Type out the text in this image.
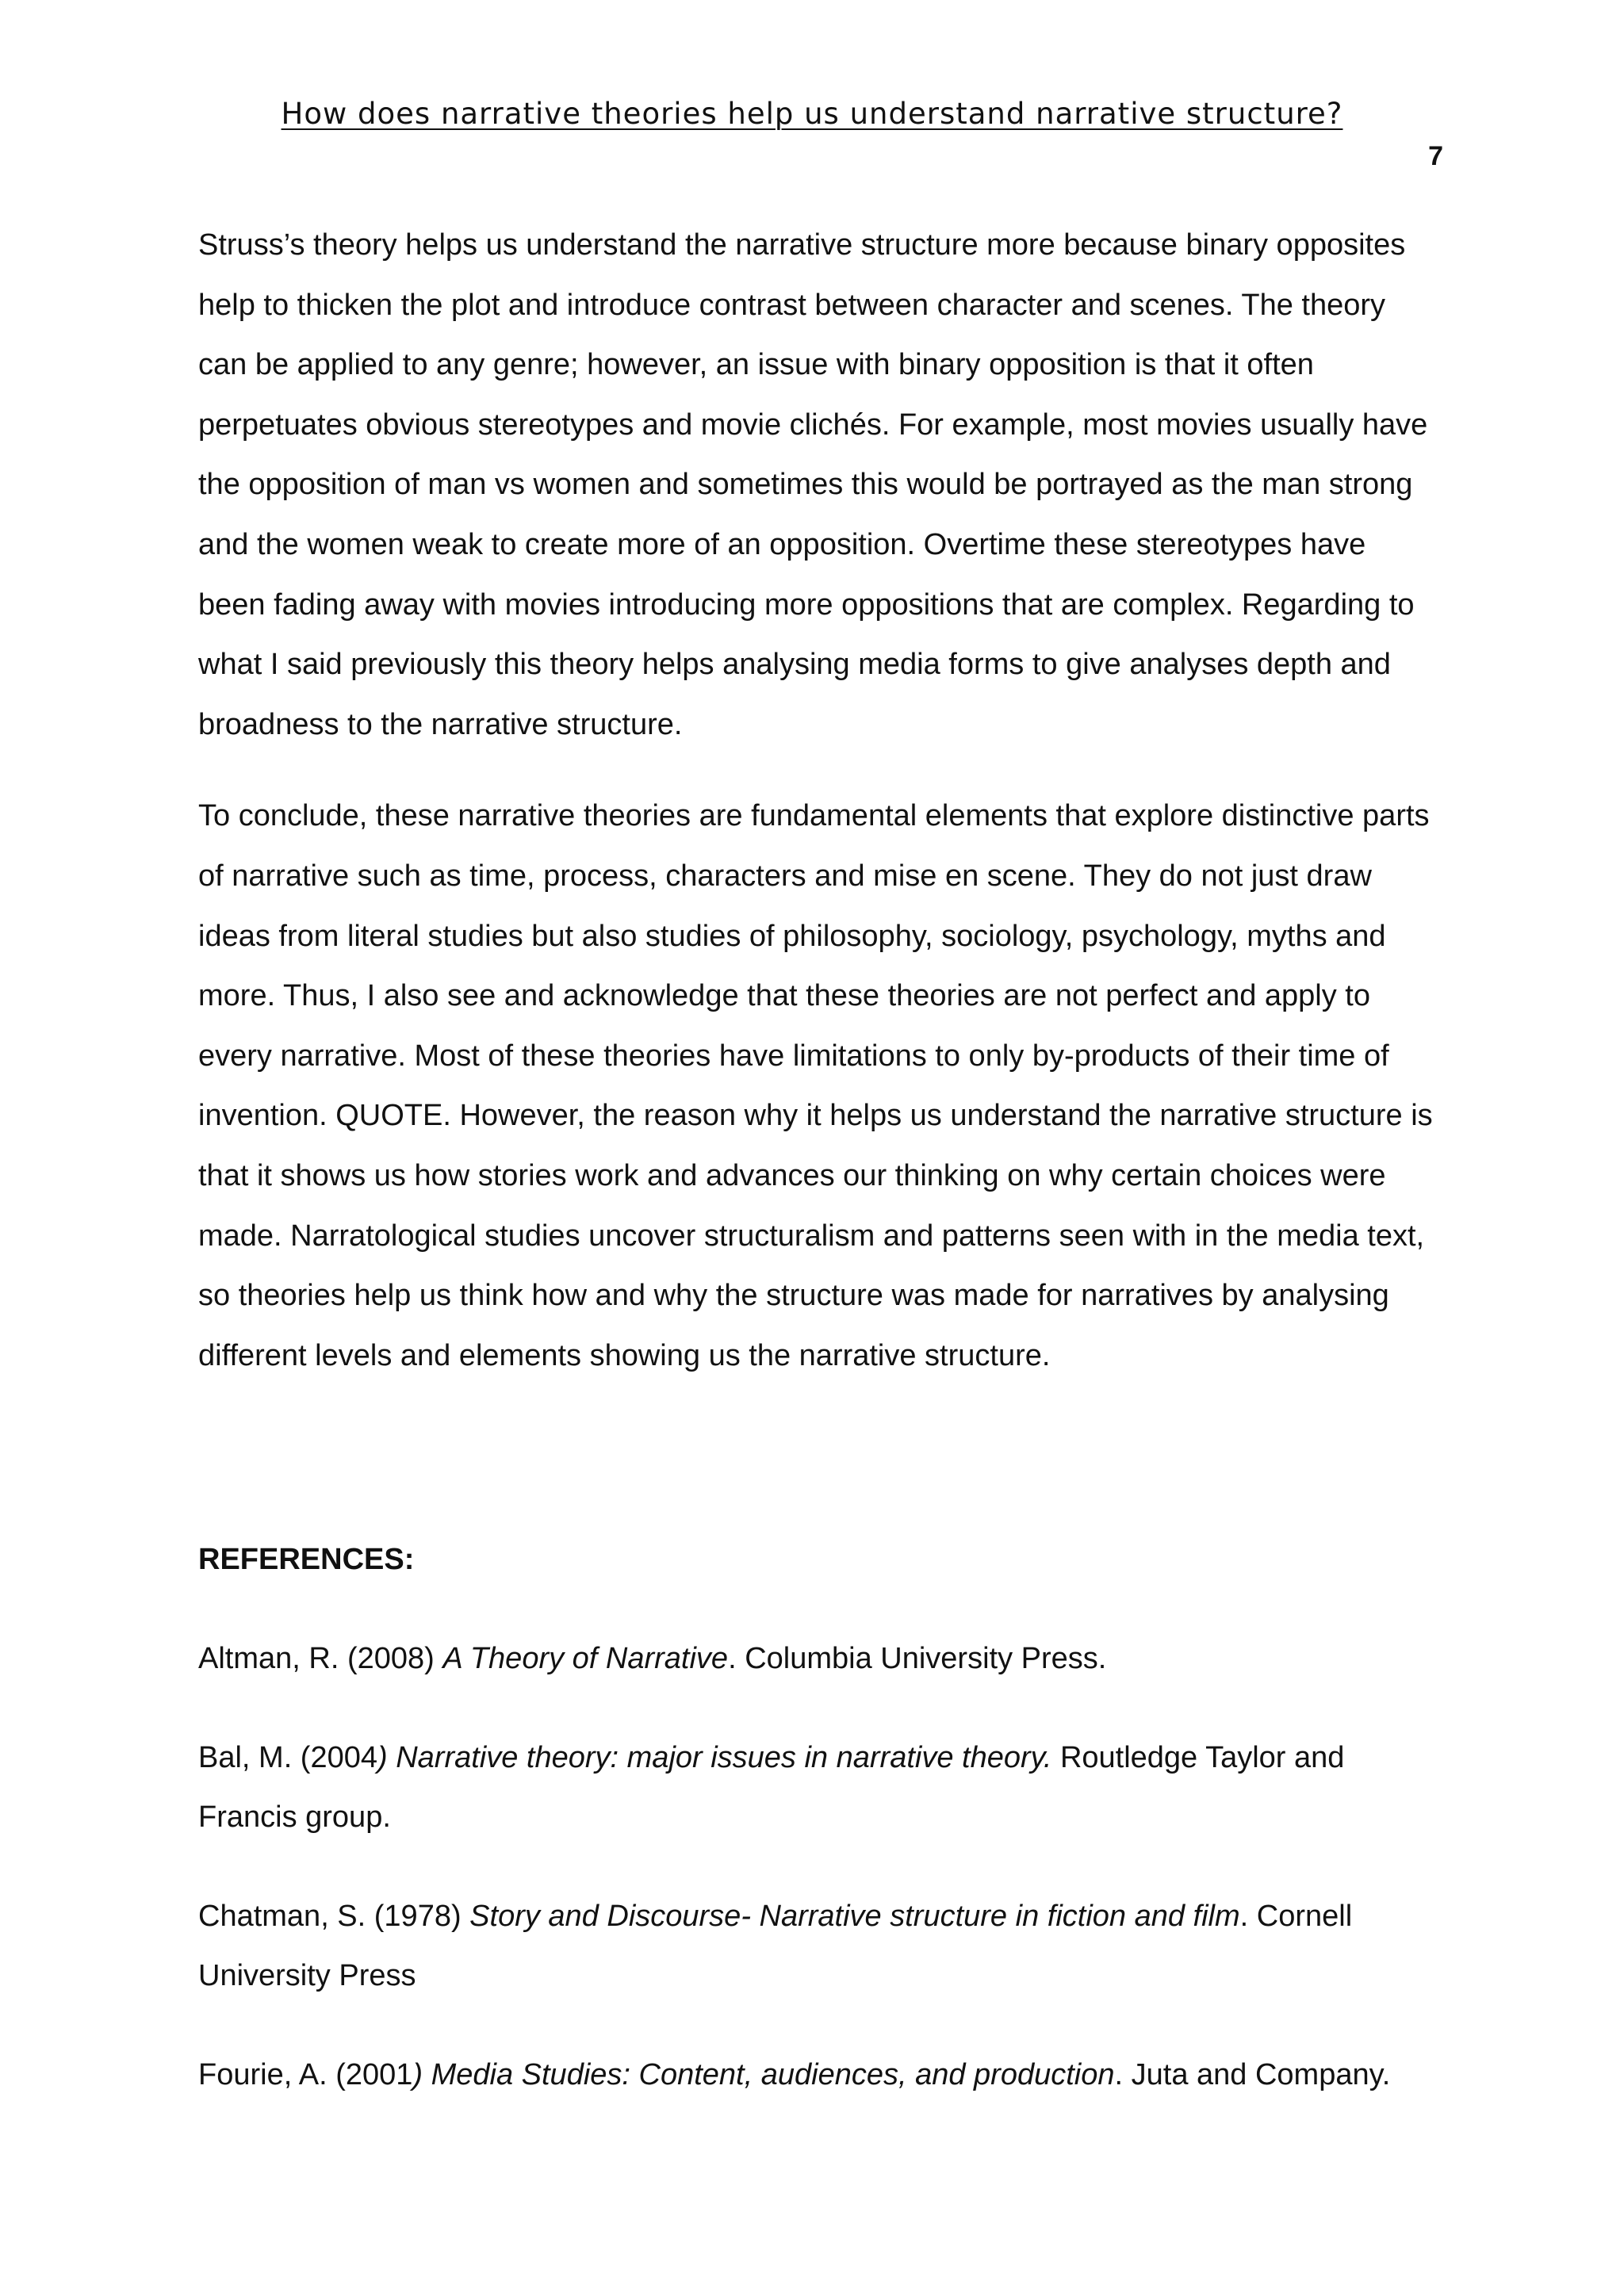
How does narrative theories help us understand narrative structure?
7

Struss’s theory helps us understand the narrative structure more because binary opposites help to thicken the plot and introduce contrast between character and scenes. The theory can be applied to any genre; however, an issue with binary opposition is that it often perpetuates obvious stereotypes and movie clichés. For example, most movies usually have the opposition of man vs women and sometimes this would be portrayed as the man strong and the women weak to create more of an opposition. Overtime these stereotypes have been fading away with movies introducing more oppositions that are complex. Regarding to what I said previously this theory helps analysing media forms to give analyses depth and broadness to the narrative structure.

To conclude, these narrative theories are fundamental elements that explore distinctive parts of narrative such as time, process, characters and mise en scene. They do not just draw ideas from literal studies but also studies of philosophy, sociology, psychology, myths and more. Thus, I also see and acknowledge that these theories are not perfect and apply to every narrative. Most of these theories have limitations to only by-products of their time of invention. QUOTE. However, the reason why it helps us understand the narrative structure is that it shows us how stories work and advances our thinking on why certain choices were made. Narratological studies uncover structuralism and patterns seen with in the media text, so theories help us think how and why the structure was made for narratives by analysing different levels and elements showing us the narrative structure.

REFERENCES:
Altman, R. (2008) A Theory of Narrative. Columbia University Press.
Bal, M. (2004) Narrative theory: major issues in narrative theory. Routledge Taylor and Francis group.
Chatman, S. (1978) Story and Discourse- Narrative structure in fiction and film. Cornell University Press
Fourie, A. (2001) Media Studies: Content, audiences, and production. Juta and Company.
